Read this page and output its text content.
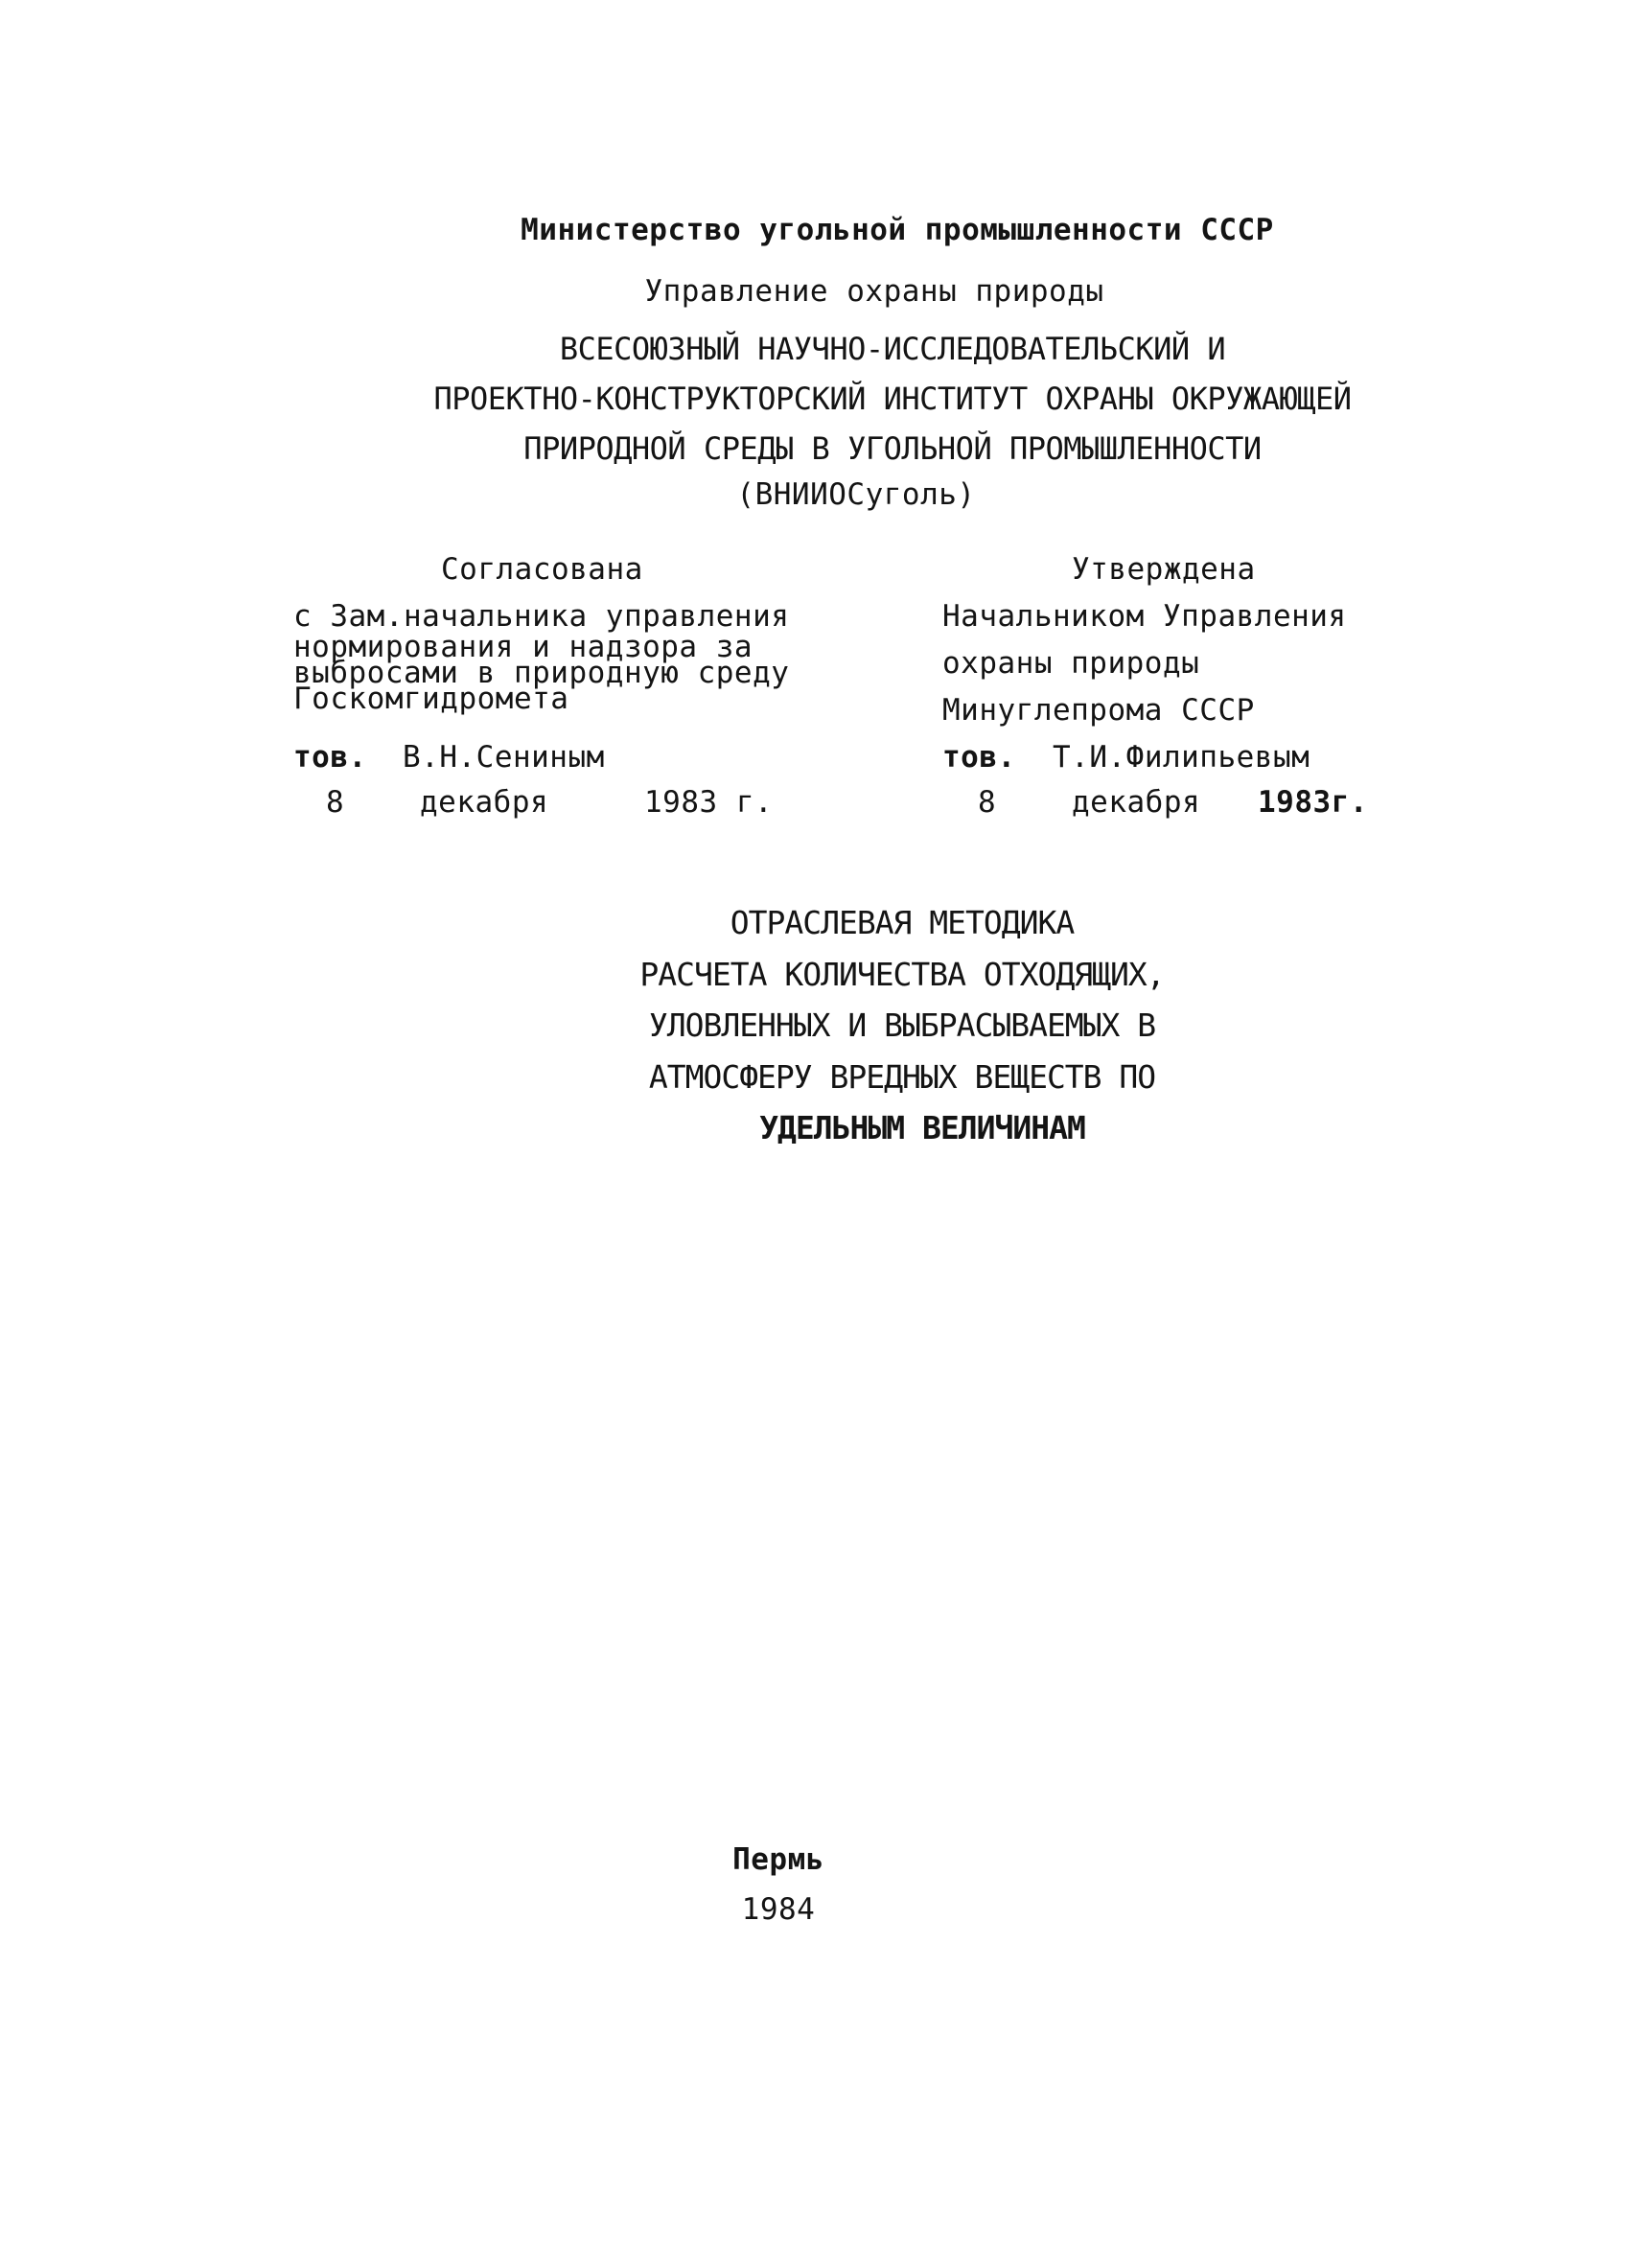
Министерство угольной промышленности СССР
Управление охраны природы
ВСЕСОЮЗНЫЙ НАУЧНО-ИССЛЕДОВАТЕЛЬСКИЙ И
ПРОЕКТНО-КОНСТРУКТОРСКИЙ ИНСТИТУТ ОХРАНЫ ОКРУЖАЮЩЕЙ
ПРИРОДНОЙ СРЕДЫ В УГОЛЬНОЙ ПРОМЫШЛЕННОСТИ
(ВНИИОСуголь)
Согласована
с Зам.начальника управления
нормирования и надзора за
выбросами в природную среду
Госкомгидромета
тов. В.Н.Сениным
8	декабря	1983 г.
Утверждена
Начальником Управления
охраны природы
Минуглепрома СССР
тов. Т.И.Филипьевым
8	декабря 1983г.
ОТРАСЛЕВАЯ МЕТОДИКА
РАСЧЕТА КОЛИЧЕСТВА ОТХОДЯЩИХ,
УЛОВЛЕННЫХ И ВЫБРАСЫВАЕМЫХ В
АТМОСФЕРУ ВРЕДНЫХ ВЕЩЕСТВ ПО
УДЕЛЬНЫМ ВЕЛИЧИНАМ
Пермь
1984
